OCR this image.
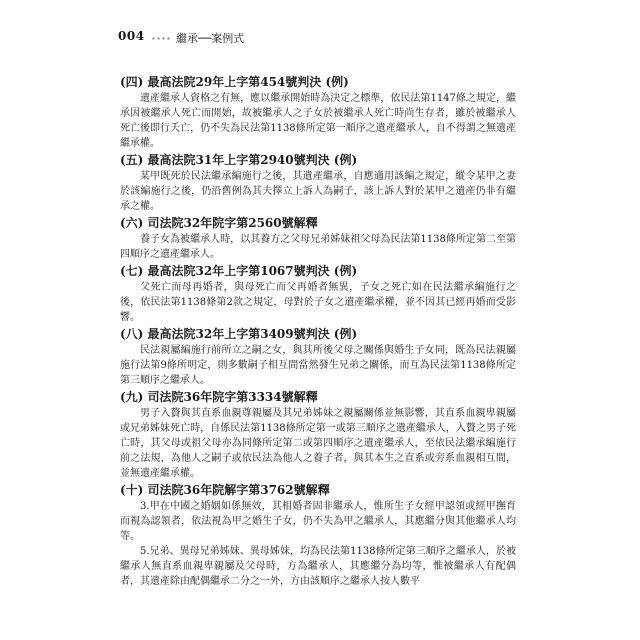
004	繼承──案例式
(四) 最高法院29年上字第454號判決 (例)

遺產繼承人資格之有無，應以繼承開始時為決定之標準，依民法第1147條之規定，繼承因被繼承人死亡而開始，故被繼承人之子女於被繼承人死亡時尚生存者，雖於被繼承人死亡後即行夭亡，仍不失為民法第1138條所定第一順序之遺產繼承人，自不得謂之無遺產繼承權。

(五) 最高法院31年上字第2940號判決 (例)

某甲既死於民法繼承編施行之後，其遺產繼承，自應適用該編之規定，縱令某甲之妻於該編施行之後，仍沿舊例為其夫擇立上訴人為嗣子，該上訴人對於某甲之遺產仍非有繼承之權。

(六) 司法院32年院字第2560號解釋

養子女為被繼承人時，以其養方之父母兄弟姊妹祖父母為民法第1138條所定第二至第四順序之遺產繼承人。

(七) 最高法院32年上字第1067號判決 (例)

父死亡而母再婚者，與母死亡而父再婚者無異，子女之死亡如在民法繼承編施行之後，依民法第1138條第2款之規定，母對於子女之遺產繼承權，並不因其已經再婚而受影響。

(八) 最高法院32年上字第3409號判決 (例)

民法親屬編施行前所立之嗣之女，與其所後父母之關係與婚生子女同，既為民法親屬施行法第9條所明定，則多數嗣子相互間當然發生兄弟之關係，而互為民法第1138條所定第三順序之繼承人。

(九) 司法院36年院字第3334號解釋

男子入贅與其直系血親尊親屬及其兄弟姊妹之親屬關係並無影響，其直系血親卑親屬或兄弟姊妹死亡時，自係民法第1138條所定第一或第三順序之遺產繼承人，入贅之男子死亡時，其父母或祖父母亦為同條所定第二或第四順序之遺產繼承人，至依民法繼承編施行前之法規，為他人之嗣子或依民法為他人之養子者，與其本生之直系或旁系血親相互間，並無遺產繼承權。

(十) 司法院36年院解字第3762號解釋

3.甲在中國之婚姻如係無效，其相婚者固非繼承人，惟所生子女經甲認領或經甲撫育而視為認領者，依法視為甲之婚生子女，仍不失為甲之繼承人，其應繼分與其他繼承人均等。

5.兄弟、異母兄弟姊妹、異母姊妹，均為民法第1138條所定第三順序之繼承人，於被繼承人無直系血親卑親屬及父母時，方為繼承人，其應繼分為均等，惟被繼承人有配偶者，其遺產除由配偶繼承二分之一外，方由該順序之繼承人按人數平
